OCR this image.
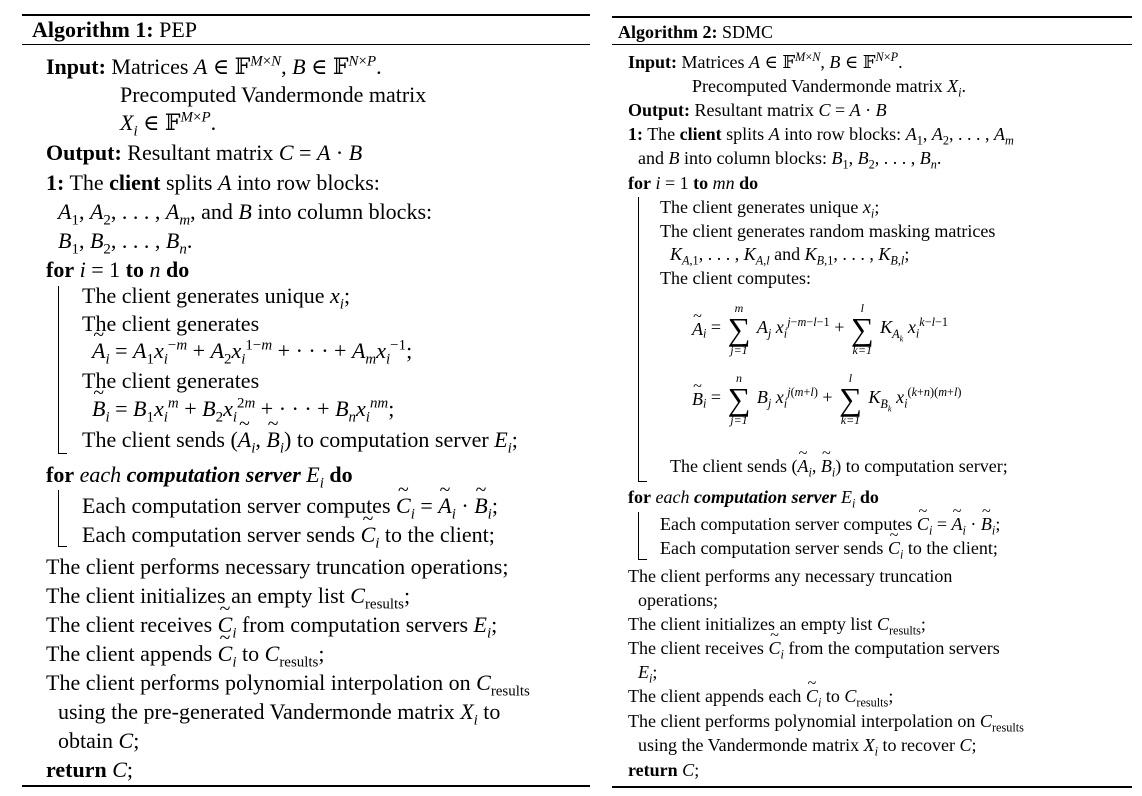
Algorithm 1: PEP
Input: Matrices A ∈ 𝔽$^{M\times N}$, B ∈ 𝔽$^{N\times P}$.
Precomputed Vandermonde matrix
$X_i$ ∈ 𝔽$^{M\times P}$.
Output: Resultant matrix C = A · B
1: The client splits A into row blocks:
$A_1$, $A_2$, . . . , $A_m$, and B into column blocks:
$B_1$, $B_2$, . . . , $B_n$.
for i = 1 to n do
The client generates unique $x_i$;
The client generates
~ $A_i = A_1x_i^{-m} + A_2x_i^{1-m}$ + · · · + $A_mx_i^{-1}$;
The client generates
~ $B_i = B_1x_i^m + B_2x_i^{2m}$ + · · · + $B_nx_i^{nm}$;
The client sends (~ $A_i$, ~ $B_i$) to computation server $E_i$;
for each computation server $E_i$ do
Each computation server computes ~ $C_i$ = ~ $A_i$ · ~ $B_i$;
Each computation server sends ~ $C_i$ to the client;
The client performs necessary truncation operations;
The client initializes an empty list $C_{results}$;
The client receives ~ $C_i$ from computation servers $E_i$;
The client appends ~ $C_i$ to $C_{results}$;
The client performs polynomial interpolation on $C_{results}$
using the pre-generated Vandermonde matrix $X_i$ to
obtain C;
return C;
Algorithm 2: SDMC
Input: Matrices A ∈ 𝔽$^{M\times N}$, B ∈ 𝔽$^{N\times P}$.
Precomputed Vandermonde matrix $X_i$.
Output: Resultant matrix C = A · B
1: The client splits A into row blocks: $A_1$, $A_2$, . . . , $A_m$
and B into column blocks: $B_1$, $B_2$, . . . , $B_n$.
for i = 1 to mn do
The client generates unique $x_i$;
The client generates random masking matrices
$K_{A,1}$, . . . , $K_{A,l}$ and $K_{B,1}$, . . . , $K_{B,l}$;
The client computes:
~ $A_i$ =
m
∑
j=1
$A_j$ $x_i^{j-m-l-1}$ +
l
∑
k=1
$K_{A_k}$ $x_i^{k-l-1}$
~ $B_i$ =
n
∑
j=1
$B_j$ $x_i^{j(m+l)}$ +
l
∑
k=1
$K_{B_k}$ $x_i^{(k+n)(m+l)}$
The client sends (~ $A_i$, ~ $B_i$) to computation server;
for each computation server $E_i$ do
Each computation server computes ~ $C_i$ = ~ $A_i$ · ~ $B_i$;
Each computation server sends ~ $C_i$ to the client;
The client performs any necessary truncation
operations;
The client initializes an empty list $C_{results}$;
The client receives ~ $C_i$ from the computation servers
$E_i$;
The client appends each ~ $C_i$ to $C_{results}$;
The client performs polynomial interpolation on $C_{results}$
using the Vandermonde matrix $X_i$ to recover C;
return C;
